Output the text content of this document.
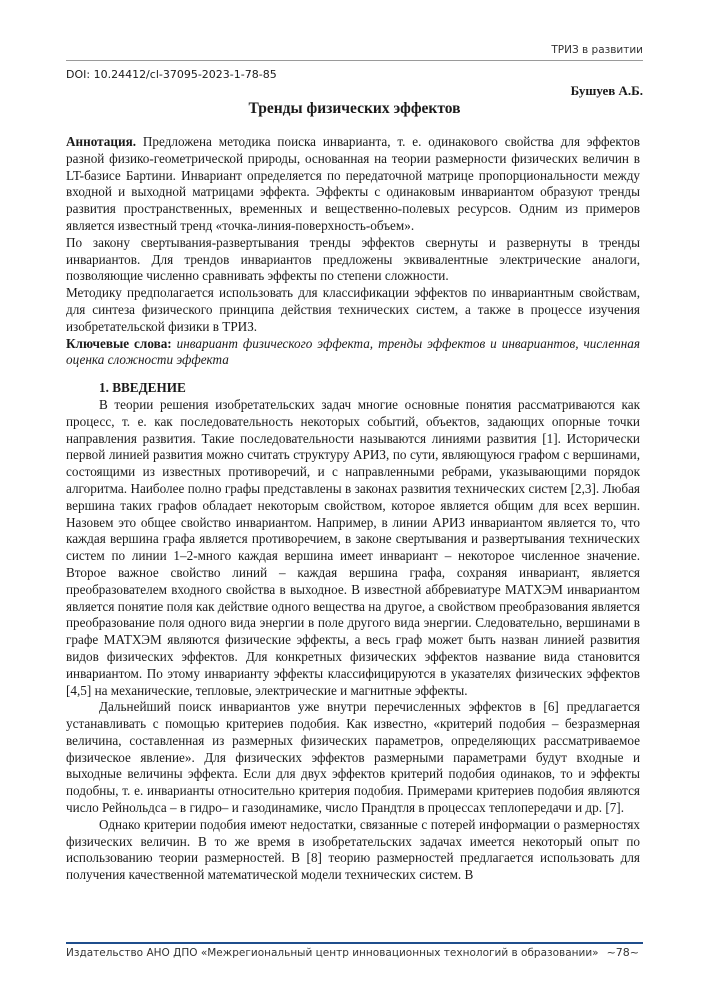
ТРИЗ в развитии
DOI: 10.24412/cl-37095-2023-1-78-85
Бушуев А.Б.
Тренды физических эффектов

Аннотация. Предложена методика поиска инварианта, т. е. одинакового свойства для эффектов разной физико-геометрической природы, основанная на теории размерности физических величин в LT-базисе Бартини. Инвариант определяется по передаточной матрице пропорциональности между входной и выходной матрицами эффекта. Эффекты с одинаковым инвариантом образуют тренды развития пространственных, временных и вещественно-полевых ресурсов. Одним из примеров является известный тренд «точка-линия-поверхность-объем».

По закону свертывания-развертывания тренды эффектов свернуты и развернуты в тренды инвариантов. Для трендов инвариантов предложены эквивалентные электрические аналоги, позволяющие численно сравнивать эффекты по степени сложности.

Методику предполагается использовать для классификации эффектов по инвариантным свойствам, для синтеза физического принципа действия технических систем, а также в процессе изучения изобретательской физики в ТРИЗ.

Ключевые слова: инвариант физического эффекта, тренды эффектов и инвариантов, численная оценка сложности эффекта

1. ВВЕДЕНИЕ

В теории решения изобретательских задач многие основные понятия рассматриваются как процесс, т. е. как последовательность некоторых событий, объектов, задающих опорные точки направления развития. Такие последовательности называются линиями развития [1]. Исторически первой линией развития можно считать структуру АРИЗ, по сути, являющуюся графом с вершинами, состоящими из известных противоречий, и с направленными ребрами, указывающими порядок алгоритма. Наиболее полно графы представлены в законах развития технических систем [2,3]. Любая вершина таких графов обладает некоторым свойством, которое является общим для всех вершин. Назовем это общее свойство инвариантом. Например, в линии АРИЗ инвариантом является то, что каждая вершина графа является противоречием, в законе свертывания и развертывания технических систем по линии 1–2-много каждая вершина имеет инвариант – некоторое численное значение. Второе важное свойство линий – каждая вершина графа, сохраняя инвариант, является преобразователем входного свойства в выходное. В известной аббревиатуре МАТХЭМ инвариантом является понятие поля как действие одного вещества на другое, а свойством преобразования является преобразование поля одного вида энергии в поле другого вида энергии. Следовательно, вершинами в графе МАТХЭМ являются физические эффекты, а весь граф может быть назван линией развития видов физических эффектов. Для конкретных физических эффектов название вида становится инвариантом. По этому инварианту эффекты классифицируются в указателях физических эффектов [4,5] на механические, тепловые, электрические и магнитные эффекты.

Дальнейший поиск инвариантов уже внутри перечисленных эффектов в [6] предлагается устанавливать с помощью критериев подобия. Как известно, «критерий подобия – безразмерная величина, составленная из размерных физических параметров, определяющих рассматриваемое физическое явление». Для физических эффектов размерными параметрами будут входные и выходные величины эффекта. Если для двух эффектов критерий подобия одинаков, то и эффекты подобны, т. е. инварианты относительно критерия подобия. Примерами критериев подобия являются число Рейнольдса – в гидро– и газодинамике, число Прандтля в процессах теплопередачи и др. [7].

Однако критерии подобия имеют недостатки, связанные с потерей информации о размерностях физических величин. В то же время в изобретательских задачах имеется некоторый опыт по использованию теории размерностей. В [8] теорию размерностей предлагается использовать для получения качественной математической модели технических систем. В

Издательство АНО ДПО «Межрегиональный центр инновационных технологий в образовании» ~78~
